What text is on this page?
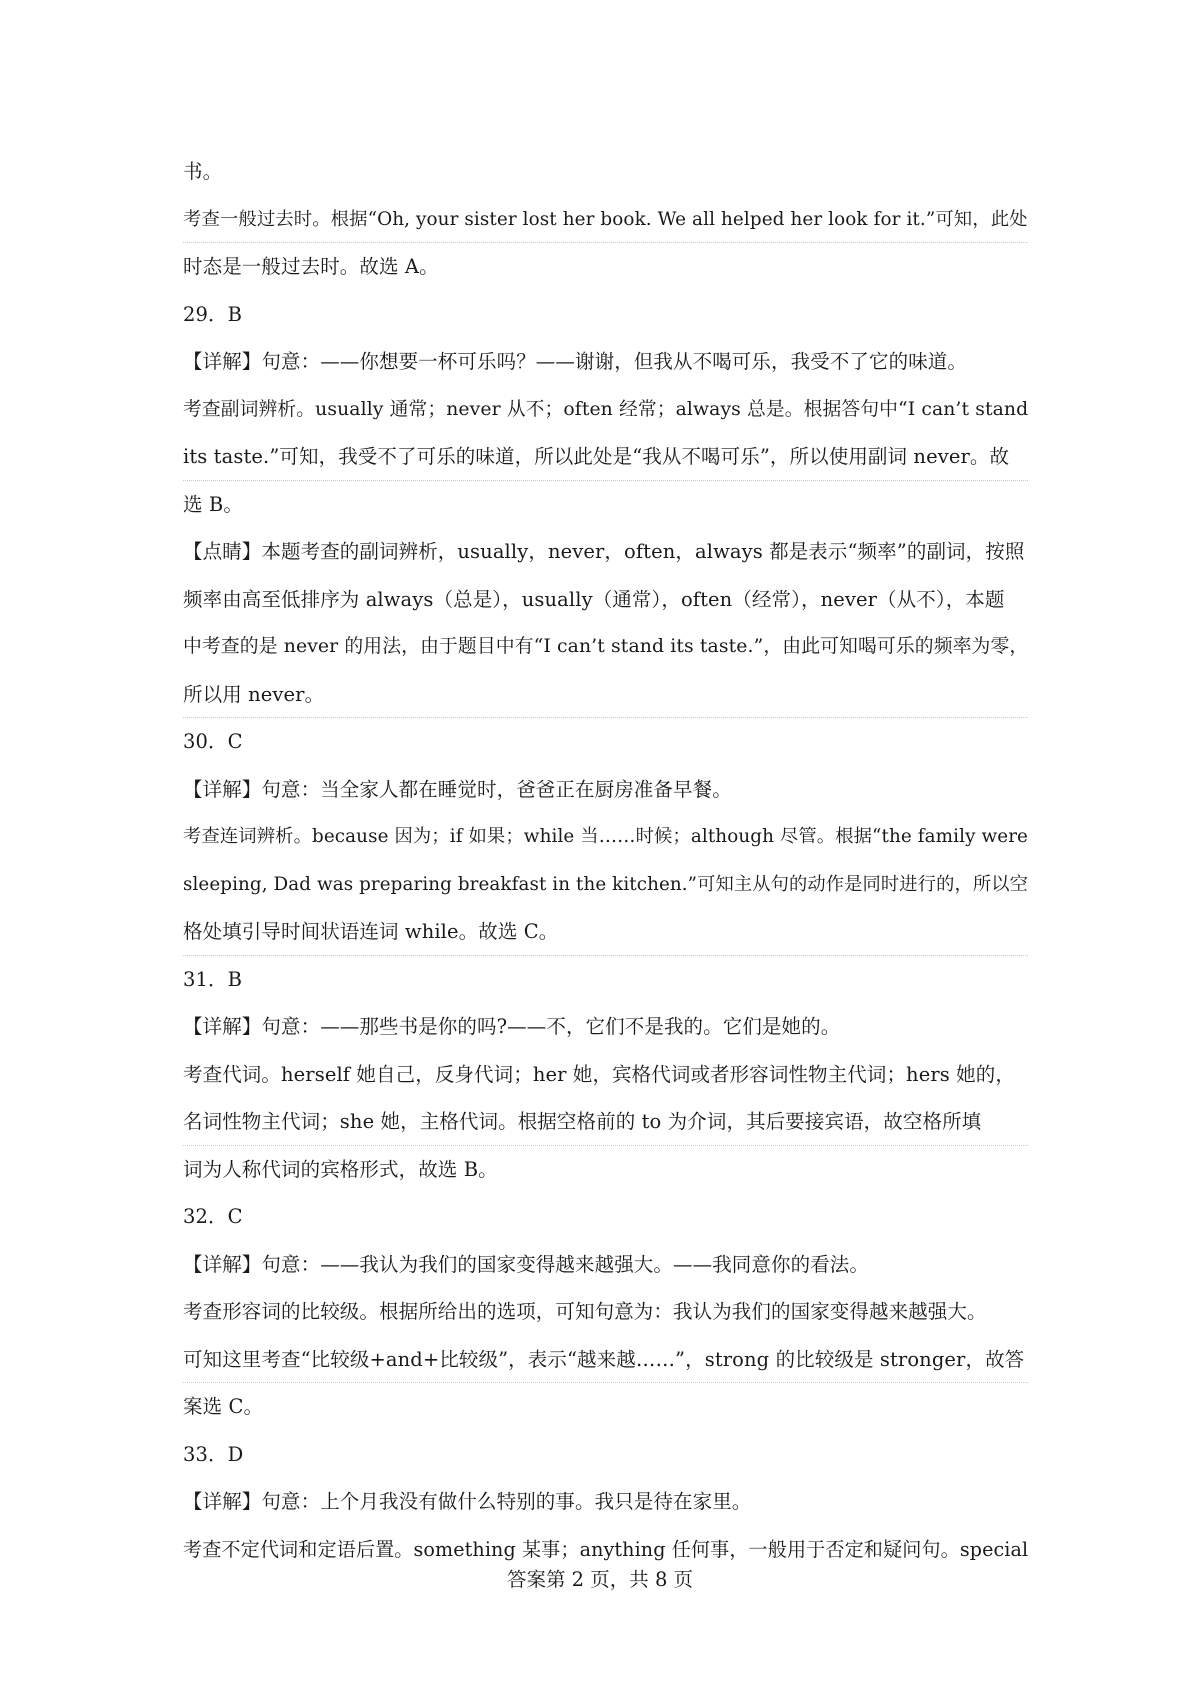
书。
考查一般过去时。根据“Oh, your sister lost her book. We all helped her look for it.”可知，此处
时态是一般过去时。故选 A。
29．B
【详解】句意：——你想要一杯可乐吗？——谢谢，但我从不喝可乐，我受不了它的味道。
考查副词辨析。usually 通常；never 从不；often 经常；always 总是。根据答句中“I can’t stand
its taste.”可知，我受不了可乐的味道，所以此处是“我从不喝可乐”，所以使用副词 never。故
选 B。
【点睛】本题考查的副词辨析，usually，never，often，always 都是表示“频率”的副词，按照
频率由高至低排序为 always（总是），usually（通常），often（经常），never（从不），本题
中考查的是 never 的用法，由于题目中有“I can’t stand its taste.”，由此可知喝可乐的频率为零，
所以用 never。
30．C
【详解】句意：当全家人都在睡觉时，爸爸正在厨房准备早餐。
考查连词辨析。because 因为；if 如果；while 当……时候；although 尽管。根据“the family were
sleeping, Dad was preparing breakfast in the kitchen.”可知主从句的动作是同时进行的，所以空
格处填引导时间状语连词 while。故选 C。
31．B
【详解】句意：——那些书是你的吗?——不，它们不是我的。它们是她的。
考查代词。herself 她自己，反身代词；her 她，宾格代词或者形容词性物主代词；hers 她的，
名词性物主代词；she 她，主格代词。根据空格前的 to 为介词，其后要接宾语，故空格所填
词为人称代词的宾格形式，故选 B。
32．C
【详解】句意：——我认为我们的国家变得越来越强大。——我同意你的看法。
考查形容词的比较级。根据所给出的选项，可知句意为：我认为我们的国家变得越来越强大。
可知这里考查“比较级+and+比较级”，表示“越来越……”，strong 的比较级是 stronger，故答
案选 C。
33．D
【详解】句意：上个月我没有做什么特别的事。我只是待在家里。
考查不定代词和定语后置。something 某事；anything 任何事，一般用于否定和疑问句。special
答案第 2 页，共 8 页
